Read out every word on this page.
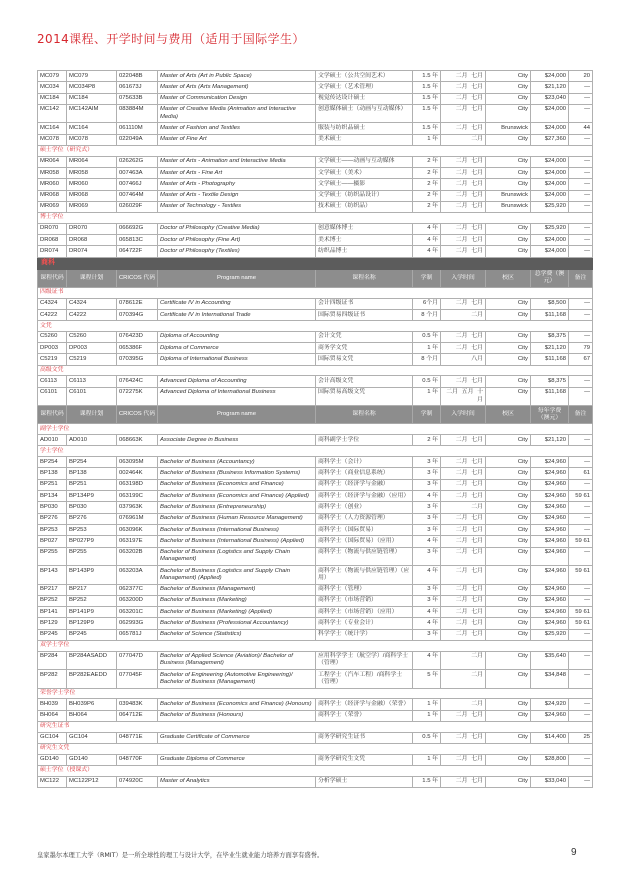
2014课程、开学时间与费用（适用于国际学生）
MC079	MC079	022048B	Master of Arts (Art in Public Space)	文学硕士（公共空间艺术）	1.5 年	二月 七月	City	$24,000	20
MC034	MC034P8	061673J	Master of Arts (Arts Management)	文学硕士（艺术管理）	1.5 年	二月 七月	City	$21,120	—
MC184	MC184	075633B	Master of Communication Design	视觉传达设计硕士	1.5 年	二月 七月	City	$23,040	—
MC142	MC142AIM	083884M	Master of Creative Media (Animation and Interactive Media)	创意媒体硕士（动画与互动媒体）	1.5 年	二月 七月	City	$24,000	—
MC164	MC164	061110M	Master of Fashion and Textiles	服装与纺织品硕士	1.5 年	二月 七月	Brunswick	$24,000	44
MC078	MC078	022049A	Master of Fine Art	美术硕士	1 年	二月	City	$27,360	—
硕士学位（研究式）									
MR064	MR064	026262G	Master of Arts - Animation and Interactive Media	文学硕士——动画与互动媒体	2 年	二月 七月	City	$24,000	—
MR058	MR058	007463A	Master of Arts - Fine Art	文学硕士（美术）	2 年	二月 七月	City	$24,000	—
MR060	MR060	007466J	Master of Arts - Photography	文学硕士——摄影	2 年	二月 七月	City	$24,000	—
MR068	MR068	007464M	Master of Arts - Textile Design	文学硕士（纺织品设计）	2 年	二月 七月	Brunswick	$24,000	—
MR069	MR069	026029F	Master of Technology - Textiles	技术硕士（纺织品）	2 年	二月 七月	Brunswick	$25,920	—
博士学位									
DR070	DR070	066692G	Doctor of Philosophy (Creative Media)	创意媒体博士	4 年	二月 七月	City	$25,920	—
DR068	DR068	065813C	Doctor of Philosophy (Fine Art)	美术博士	4 年	二月 七月	City	$24,000	—
DR074	DR074	064722F	Doctor of Philosophy (Textiles)	纺织品博士	4 年	二月 七月	City	$24,000	—
商科									
课程代码	课程计划	CRICOS 代码	Program name	课程名称	学制	入学时间	校区	总学费（澳元）	备注
四级证书									
C4324	C4324	078612E	Certificate IV in Accounting	会计四级证书	6个月	二月 七月	City	$8,500	—
C4222	C4222	070394G	Certificate IV in International Trade	国际贸易四级证书	8 个月	二月	City	$11,168	—
文凭									
C5260	C5260	076423D	Diploma of Accounting	会计文凭	0.5 年	二月 七月	City	$8,375	—
DP003	DP003	065386F	Diploma of Commerce	商务学文凭	1 年	二月 七月	City	$21,120	79
C5219	C5219	070395G	Diploma of International Business	国际贸易文凭	8 个月	八月	City	$11,168	67
高级文凭									
C6113	C6113	076424C	Advanced Diploma of Accounting	会计高级文凭	0.5 年	二月 七月	City	$8,375	—
C6101	C6101	072275K	Advanced Diploma of International Business	国际贸易高级文凭	1 年	二月 五月 十月	City	$11,168	—
课程代码	课程计划	CRICOS 代码	Program name	课程名称	学制	入学时间	校区	每年学费（澳元）	备注
副学士学位									
AD010	AD010	068663K	Associate Degree in Business	商科副学士学位	2 年	二月 七月	City	$21,120	—
学士学位									
BP254	BP254	063095M	Bachelor of Business (Accountancy)	商科学士（会计）	3 年	二月 七月	City	$24,960	—
BP138	BP138	002464K	Bachelor of Business (Business Information Systems)	商科学士（商业信息系统）	3 年	二月 七月	City	$24,960	61
BP251	BP251	063198D	Bachelor of Business (Economics and Finance)	商科学士（经济学与金融）	3 年	二月 七月	City	$24,960	—
BP134	BP134P9	063199C	Bachelor of Business (Economics and Finance) (Applied)	商科学士（经济学与金融）（应用）	4 年	二月 七月	City	$24,960	59 61
BP030	BP030	037963K	Bachelor of Business (Entrepreneurship)	商科学士（创业）	3 年	二月	City	$24,960	—
BP276	BP276	076961M	Bachelor of Business (Human Resource Management)	商科学士（人力资源管理）	3 年	二月 七月	City	$24,960	—
BP253	BP253	063096K	Bachelor of Business (International Business)	商科学士（国际贸易）	3 年	二月 七月	City	$24,960	—
BP027	BP027P9	063197E	Bachelor of Business (International Business) (Applied)	商科学士（国际贸易）（应用）	4 年	二月 七月	City	$24,960	59 61
BP255	BP255	063202B	Bachelor of Business (Logistics and Supply Chain Management)	商科学士（物流与供应链管理）	3 年	二月 七月	City	$24,960	—
BP143	BP143P9	063203A	Bachelor of Business (Logistics and Supply Chain Management) (Applied)	商科学士（物流与供应链管理）（应用）	4 年	二月 七月	City	$24,960	59 61
BP217	BP217	062377C	Bachelor of Business (Management)	商科学士（管理）	3 年	二月 七月	City	$24,960	—
BP252	BP252	063200D	Bachelor of Business (Marketing)	商科学士（市场营销）	3 年	二月 七月	City	$24,960	—
BP141	BP141P9	063201C	Bachelor of Business (Marketing) (Applied)	商科学士（市场营销）（应用）	4 年	二月 七月	City	$24,960	59 61
BP129	BP129P9	062993G	Bachelor of Business (Professional Accountancy)	商科学士（专业会计）	4 年	二月 七月	City	$24,960	59 61
BP245	BP245	065781J	Bachelor of Science (Statistics)	科学学士（统计学）	3 年	二月 七月	City	$25,920	—
双学士学位									
BP284	BP284ASADD	077047D	Bachelor of Applied Science (Aviation)/ Bachelor of Business (Management)	应用科学学士（航空学）/商科学士（管理）	4 年	二月	City	$35,640	—
BP282	BP282EAEDD	077045F	Bachelor of Engineering (Automotive Engineering)/ Bachelor of Business (Management)	工程学士（汽车工程）/商科学士（管理）	5 年	二月	City	$34,848	—
荣誉学士学位									
BH039	BH039P6	039483K	Bachelor of Business (Economics and Finance) (Honours)	商科学士（经济学与金融）（荣誉）	1 年	二月	City	$24,920	—
BH064	BH064	064712E	Bachelor of Business (Honours)	商科学士（荣誉）	1 年	二月 七月	City	$24,960	—
研究生证书									
GC104	GC104	048771E	Graduate Certificate of Commerce	商务学研究生证书	0.5 年	二月 七月	City	$14,400	25
研究生文凭									
GD140	GD140	048770F	Graduate Diploma of Commerce	商务学研究生文凭	1 年	二月 七月	City	$28,800	—
硕士学位（授课式）									
MC122	MC122P12	074920C	Master of Analytics	分析学硕士	1.5 年	二月 七月	City	$33,040	—
皇家墨尔本理工大学（RMIT）是一所全球性的理工与设计大学，在毕业生就业能力培养方面享有盛誉。	9
